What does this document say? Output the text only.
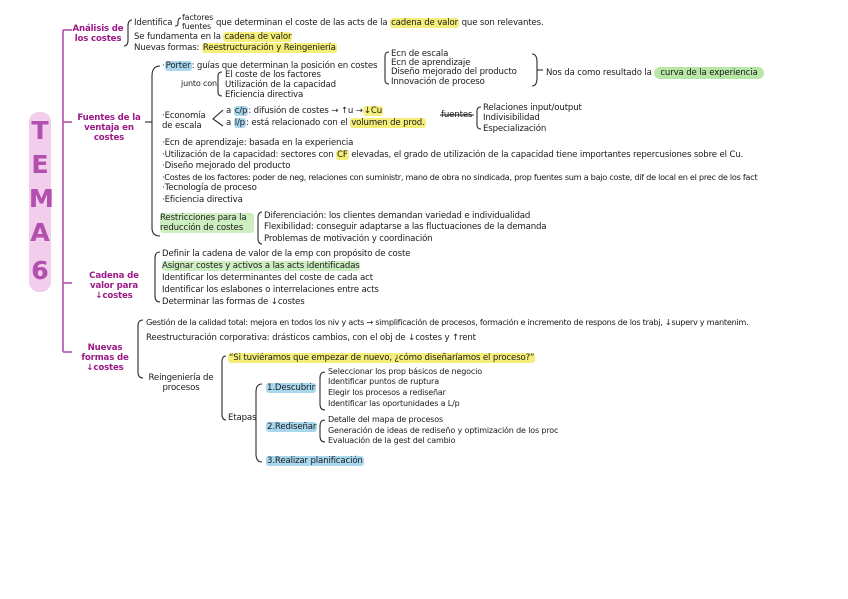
T
E
M
A
6
Análisis de los costes
Fuentes de la ventaja en costes
Cadena de valor para ↓costes
Nuevas formas de ↓costes
Identifica
factores
fuentes que determinan el coste de las acts de la cadena de valor que son relevantes.
Se fundamenta en la cadena de valor
Nuevas formas: Reestructuración y Reingeniería
·Porter: guías que determinan la posición en costes
junto con
El coste de los factores
Utilización de la capacidad
Eficiencia directiva
Ecn de escala
Ecn de aprendizaje
Diseño mejorado del producto
Innovación de proceso
Nos da como resultado la curva de la experiencia
·Economía de escala
a c/p: difusión de costes → ↑u →↓Cu
a l/p: está relacionado con el volumen de prod.
fuentes
Relaciones input/output
Indivisibilidad
Especialización
·Ecn de aprendizaje: basada en la experiencia
·Utilización de la capacidad: sectores con CF elevadas, el grado de utilización de la capacidad tiene importantes repercusiones sobre el Cu.
·Diseño mejorado del producto
·Costes de los factores: poder de neg, relaciones con suministr, mano de obra no sindicada, prop fuentes sum a bajo coste, dif de local en el prec de los fact
·Tecnología de proceso
·Eficiencia directiva
Restricciones para la reducción de costes
Diferenciación: los clientes demandan variedad e individualidad
Flexibilidad: conseguir adaptarse a las fluctuaciones de la demanda
Problemas de motivación y coordinación
Definir la cadena de valor de la emp con propósito de coste
Asignar costes y activos a las acts identificadas
Identificar los determinantes del coste de cada act
Identificar los eslabones o interrelaciones entre acts
Determinar las formas de ↓costes
Gestión de la calidad total: mejora en todos los niv y acts → simplificación de procesos, formación e incremento de respons de los trabj, ↓superv y mantenim.
Reestructuración corporativa: drásticos cambios, con el obj de ↓costes y ↑rent
Reingeniería de procesos
“Si tuviéramos que empezar de nuevo, ¿cómo diseñaríamos el proceso?”
Etapas
1.Descubrir
Seleccionar los prop básicos de negocio
Identificar puntos de ruptura
Elegir los procesos a rediseñar
Identificar las oportunidades a L/p
2.Rediseñar
Detalle del mapa de procesos
Generación de ideas de rediseño y optimización de los proc
Evaluación de la gest del cambio
3.Realizar planificación
